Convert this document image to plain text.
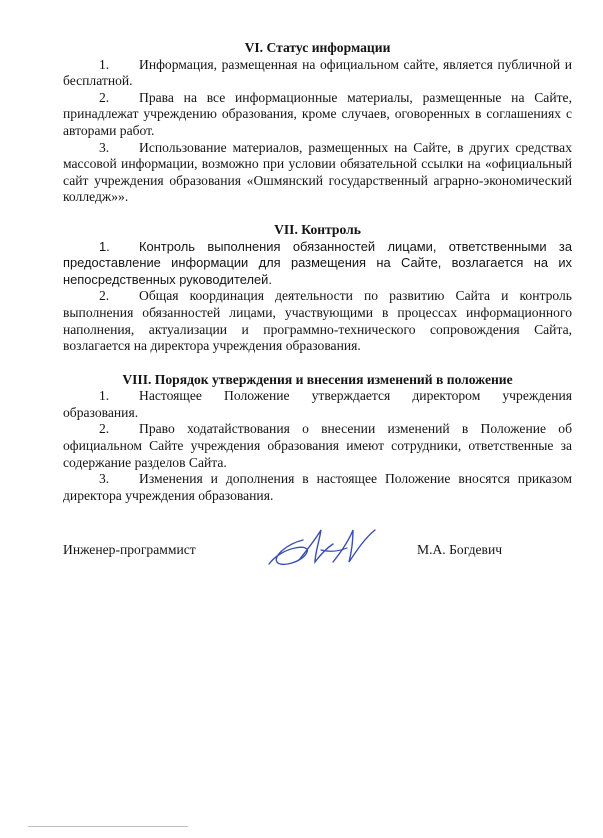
VI. Статус информации

1. Информация, размещенная на официальном сайте, является публичной и бесплатной.

2. Права на все информационные материалы, размещенные на Сайте, принадлежат учреждению образования, кроме случаев, оговоренных в соглашениях с авторами работ.

3. Использование материалов, размещенных на Сайте, в других средствах массовой информации, возможно при условии обязательной ссылки на «официальный сайт учреждения образования «Ошмянский государственный аграрно-экономический колледж»».

VII. Контроль

1. Контроль выполнения обязанностей лицами, ответственными за предоставление информации для размещения на Сайте, возлагается на их непосредственных руководителей.

2. Общая координация деятельности по развитию Сайта и контроль выполнения обязанностей лицами, участвующими в процессах информационного наполнения, актуализации и программно-технического сопровождения Сайта, возлагается на директора учреждения образования.

VIII. Порядок утверждения и внесения изменений в положение

1. Настоящее Положение утверждается директором учреждения образования.

2. Право ходатайствования о внесении изменений в Положение об официальном Сайте учреждения образования имеют сотрудники, ответственные за содержание разделов Сайта.

3. Изменения и дополнения в настоящее Положение вносятся приказом директора учреждения образования.

Инженер-программист	М.А. Богдевич
